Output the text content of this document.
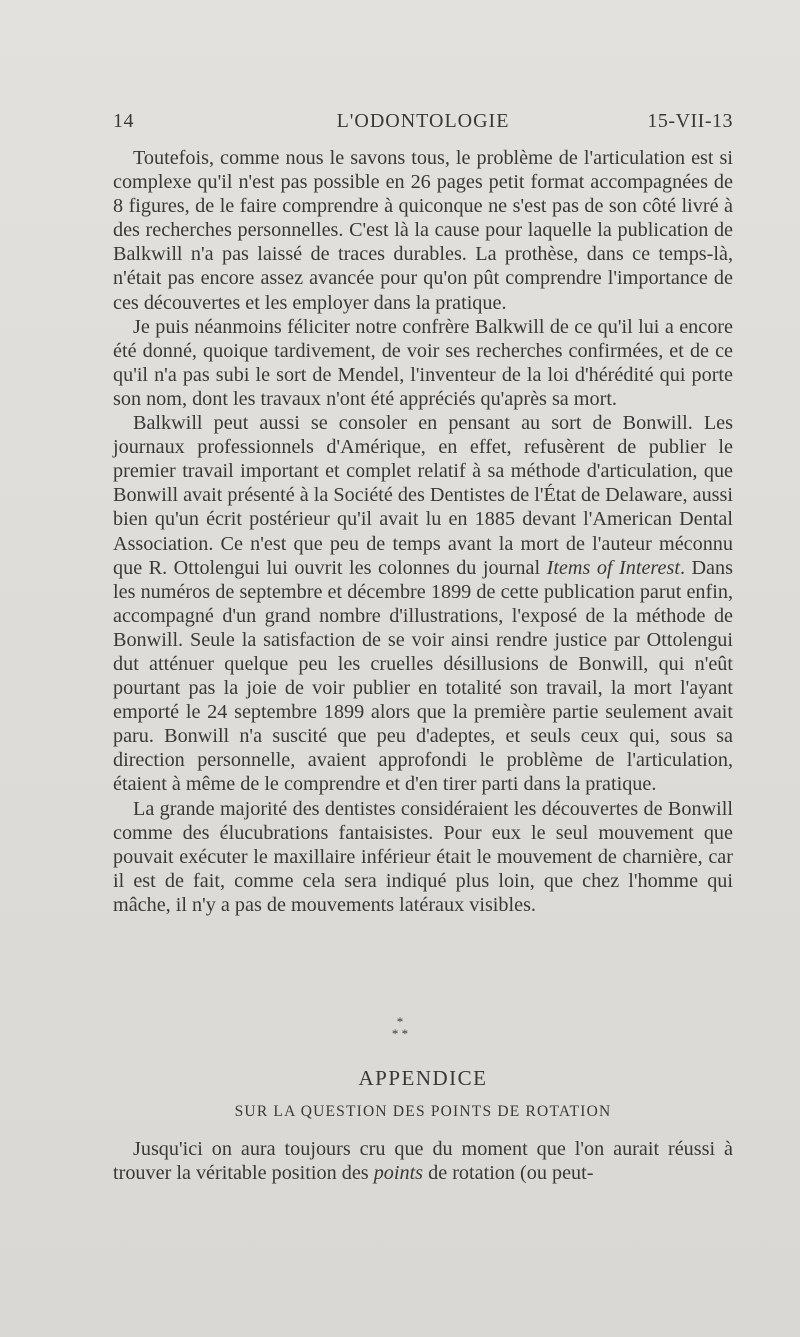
14	L'ODONTOLOGIE	15-VII-13

Toutefois, comme nous le savons tous, le problème de l'articulation est si complexe qu'il n'est pas possible en 26 pages petit format accompagnées de 8 figures, de le faire comprendre à quiconque ne s'est pas de son côté livré à des recherches personnelles. C'est là la cause pour laquelle la publication de Balkwill n'a pas laissé de traces durables. La prothèse, dans ce temps-là, n'était pas encore assez avancée pour qu'on pût comprendre l'importance de ces découvertes et les employer dans la pratique.

Je puis néanmoins féliciter notre confrère Balkwill de ce qu'il lui a encore été donné, quoique tardivement, de voir ses recherches confirmées, et de ce qu'il n'a pas subi le sort de Mendel, l'inventeur de la loi d'hérédité qui porte son nom, dont les travaux n'ont été appréciés qu'après sa mort.

Balkwill peut aussi se consoler en pensant au sort de Bonwill. Les journaux professionnels d'Amérique, en effet, refusèrent de publier le premier travail important et complet relatif à sa méthode d'articulation, que Bonwill avait présenté à la Société des Dentistes de l'État de Delaware, aussi bien qu'un écrit postérieur qu'il avait lu en 1885 devant l'American Dental Association. Ce n'est que peu de temps avant la mort de l'auteur méconnu que R. Ottolengui lui ouvrit les colonnes du journal Items of Interest. Dans les numéros de septembre et décembre 1899 de cette publication parut enfin, accompagné d'un grand nombre d'illustrations, l'exposé de la méthode de Bonwill. Seule la satisfaction de se voir ainsi rendre justice par Ottolengui dut atténuer quelque peu les cruelles désillusions de Bonwill, qui n'eût pourtant pas la joie de voir publier en totalité son travail, la mort l'ayant emporté le 24 septembre 1899 alors que la première partie seulement avait paru. Bonwill n'a suscité que peu d'adeptes, et seuls ceux qui, sous sa direction personnelle, avaient approfondi le problème de l'articulation, étaient à même de le comprendre et d'en tirer parti dans la pratique.

La grande majorité des dentistes considéraient les découvertes de Bonwill comme des élucubrations fantaisistes. Pour eux le seul mouvement que pouvait exécuter le maxillaire inférieur était le mouvement de charnière, car il est de fait, comme cela sera indiqué plus loin, que chez l'homme qui mâche, il n'y a pas de mouvements latéraux visibles.

*
* *
APPENDICE
SUR LA QUESTION DES POINTS DE ROTATION

Jusqu'ici on aura toujours cru que du moment que l'on aurait réussi à trouver la véritable position des points de rotation (ou peut-
